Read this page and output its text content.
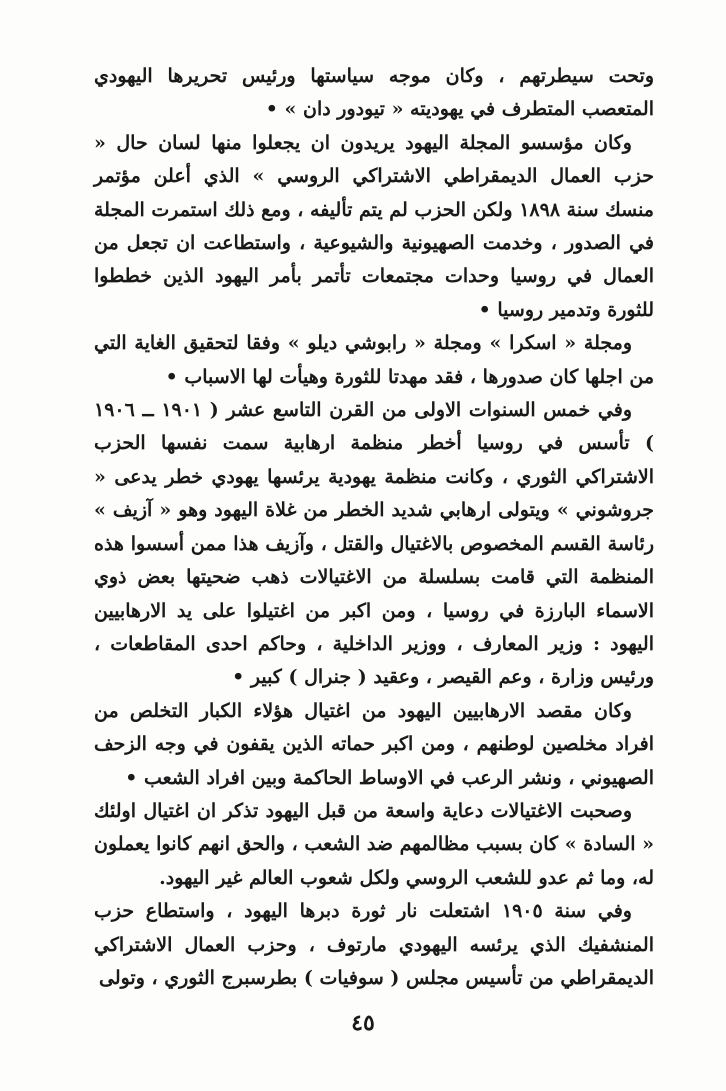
وتحت سيطرتهم ، وكان موجه سياستها ورئيس تحريرها اليهودي المتعصب المتطرف في يهوديته « تيودور دان » •

وكان مؤسسو المجلة اليهود يريدون ان يجعلوا منها لسان حال « حزب العمال الديمقراطي الاشتراكي الروسي » الذي أعلن مؤتمر منسك سنة ١٨٩٨ ولكن الحزب لم يتم تأليفه ، ومع ذلك استمرت المجلة في الصدور ، وخدمت الصهيونية والشيوعية ، واستطاعت ان تجعل من العمال في روسيا وحدات مجتمعات تأتمر بأمر اليهود الذين خططوا للثورة وتدمير روسيا •

ومجلة « اسكرا » ومجلة « رابوشي ديلو » وفقا لتحقيق الغاية التي من اجلها كان صدورها ، فقد مهدتا للثورة وهيأت لها الاسباب •

وفي خمس السنوات الاولى من القرن التاسع عشر ( ١٩٠١ ــ ١٩٠٦ ) تأسس في روسيا أخطر منظمة ارهابية سمت نفسها الحزب الاشتراكي الثوري ، وكانت منظمة يهودية يرئسها يهودي خطر يدعى « جروشوني » ويتولى ارهابي شديد الخطر من غلاة اليهود وهو « آزيف » رئاسة القسم المخصوص بالاغتيال والقتل ، وآزيف هذا ممن أسسوا هذه المنظمة التي قامت بسلسلة من الاغتيالات ذهب ضحيتها بعض ذوي الاسماء البارزة في روسيا ، ومن اكبر من اغتيلوا على يد الارهابيين اليهود : وزير المعارف ، ووزير الداخلية ، وحاكم احدى المقاطعات ، ورئيس وزارة ، وعم القيصر ، وعقيد ( جنرال ) كبير •

وكان مقصد الارهابيين اليهود من اغتيال هؤلاء الكبار التخلص من افراد مخلصين لوطنهم ، ومن اكبر حماته الذين يقفون في وجه الزحف الصهيوني ، ونشر الرعب في الاوساط الحاكمة وبين افراد الشعب •

وصحبت الاغتيالات دعاية واسعة من قبل اليهود تذكر ان اغتيال اولئك « السادة » كان بسبب مظالمهم ضد الشعب ، والحق انهم كانوا يعملون له، وما ثم عدو للشعب الروسي ولكل شعوب العالم غير اليهود.

وفي سنة ١٩٠٥ اشتعلت نار ثورة دبرها اليهود ، واستطاع حزب المنشفيك الذي يرئسه اليهودي مارتوف ، وحزب العمال الاشتراكي الديمقراطي من تأسيس مجلس ( سوفيات ) بطرسبرج الثوري ، وتولى

٤٥
